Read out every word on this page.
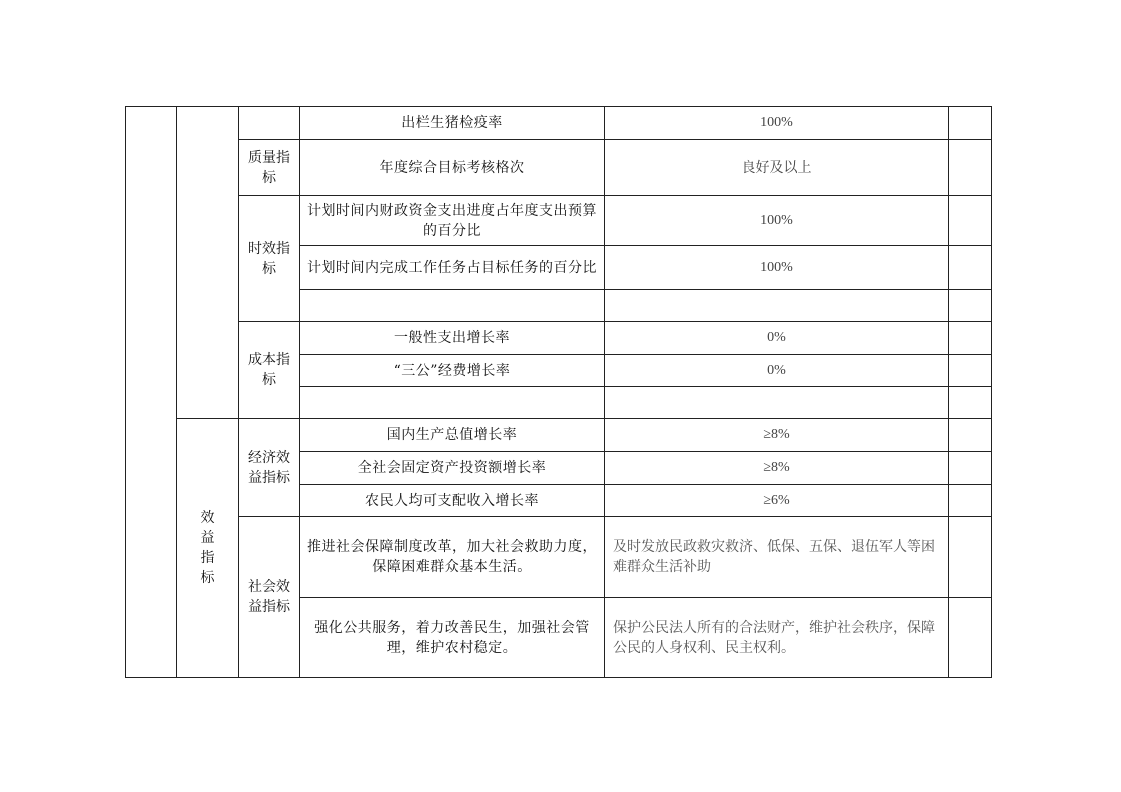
			出栏生猪检疫率	100%	
		质量指标	年度综合目标考核格次	良好及以上	
		时效指标	计划时间内财政资金支出进度占年度支出预算的百分比	100%	
			计划时间内完成工作任务占目标任务的百分比	100%	

		成本指标	一般性支出增长率	0%	
			“三公”经费增长率	0%	

	效
益
指
标	经济效益指标	国内生产总值增长率	≥8%	
			全社会固定资产投资额增长率	≥8%	
			农民人均可支配收入增长率	≥6%	
		社会效益指标	推进社会保障制度改革，加大社会救助力度，保障困难群众基本生活。	及时发放民政救灾救济、低保、五保、退伍军人等困难群众生活补助	
			强化公共服务，着力改善民生，加强社会管理，维护农村稳定。	保护公民法人所有的合法财产，维护社会秩序，保障公民的人身权利、民主权利。	
